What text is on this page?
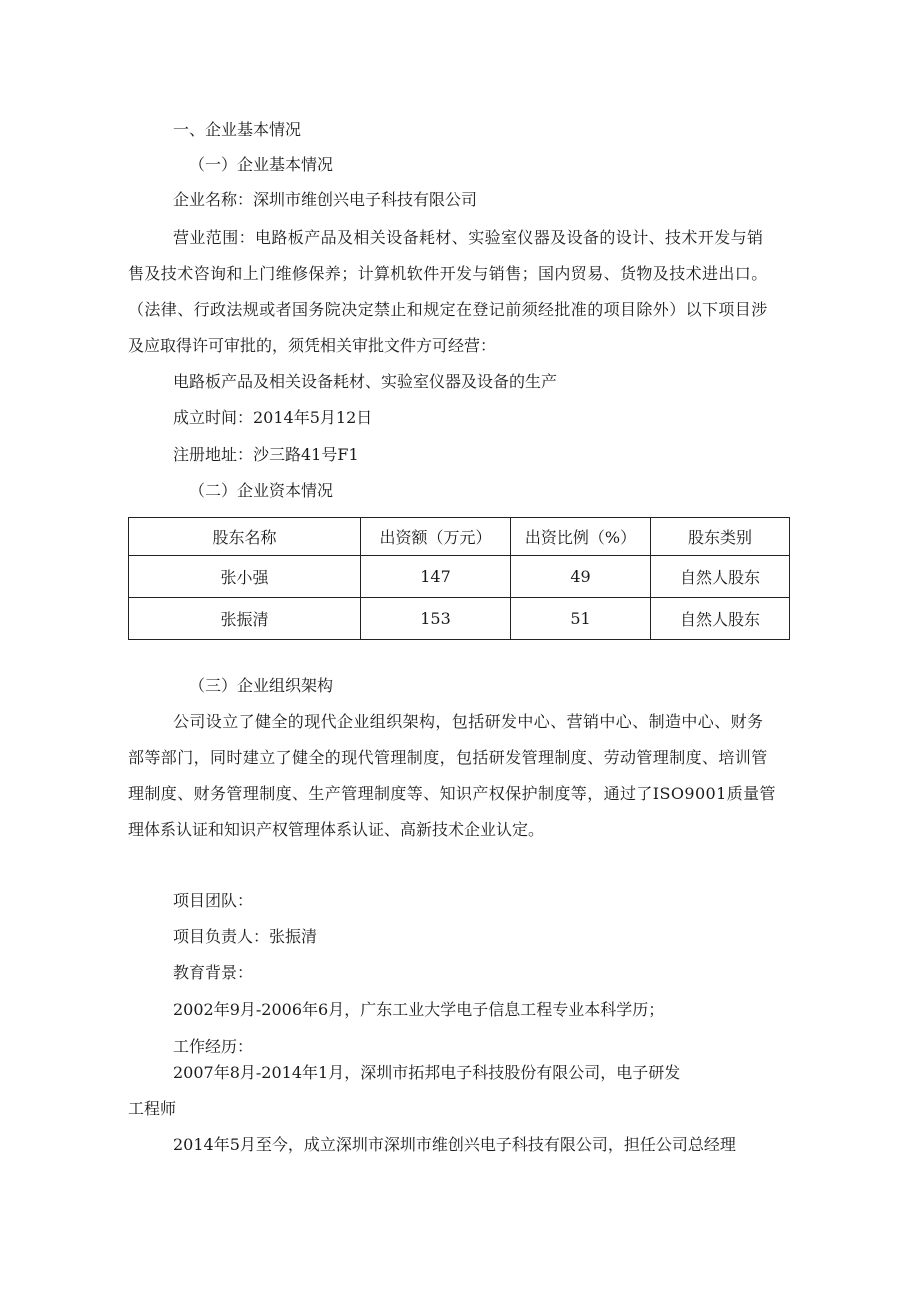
一、企业基本情况
（一）企业基本情况
企业名称：深圳市维创兴电子科技有限公司
营业范围：电路板产品及相关设备耗材、实验室仪器及设备的设计、技术开发与销
售及技术咨询和上门维修保养；计算机软件开发与销售；国内贸易、货物及技术进出口。
（法律、行政法规或者国务院决定禁止和规定在登记前须经批准的项目除外）以下项目涉
及应取得许可审批的，须凭相关审批文件方可经营：
电路板产品及相关设备耗材、实验室仪器及设备的生产
成立时间：2014年5月12日
注册地址：沙三路41号F1
（二）企业资本情况
股东名称	出资额（万元）	出资比例（%）	股东类别
张小强	147	49	自然人股东
张振清	153	51	自然人股东
（三）企业组织架构
公司设立了健全的现代企业组织架构，包括研发中心、营销中心、制造中心、财务
部等部门，同时建立了健全的现代管理制度，包括研发管理制度、劳动管理制度、培训管
理制度、财务管理制度、生产管理制度等、知识产权保护制度等，通过了ISO9001质量管
理体系认证和知识产权管理体系认证、高新技术企业认定。
项目团队：
项目负责人：张振清
教育背景：
2002年9月-2006年6月，广东工业大学电子信息工程专业本科学历；
工作经历：
2007年8月-2014年1月，深圳市拓邦电子科技股份有限公司，电子研发
工程师
2014年5月至今，成立深圳市深圳市维创兴电子科技有限公司，担任公司总经理
